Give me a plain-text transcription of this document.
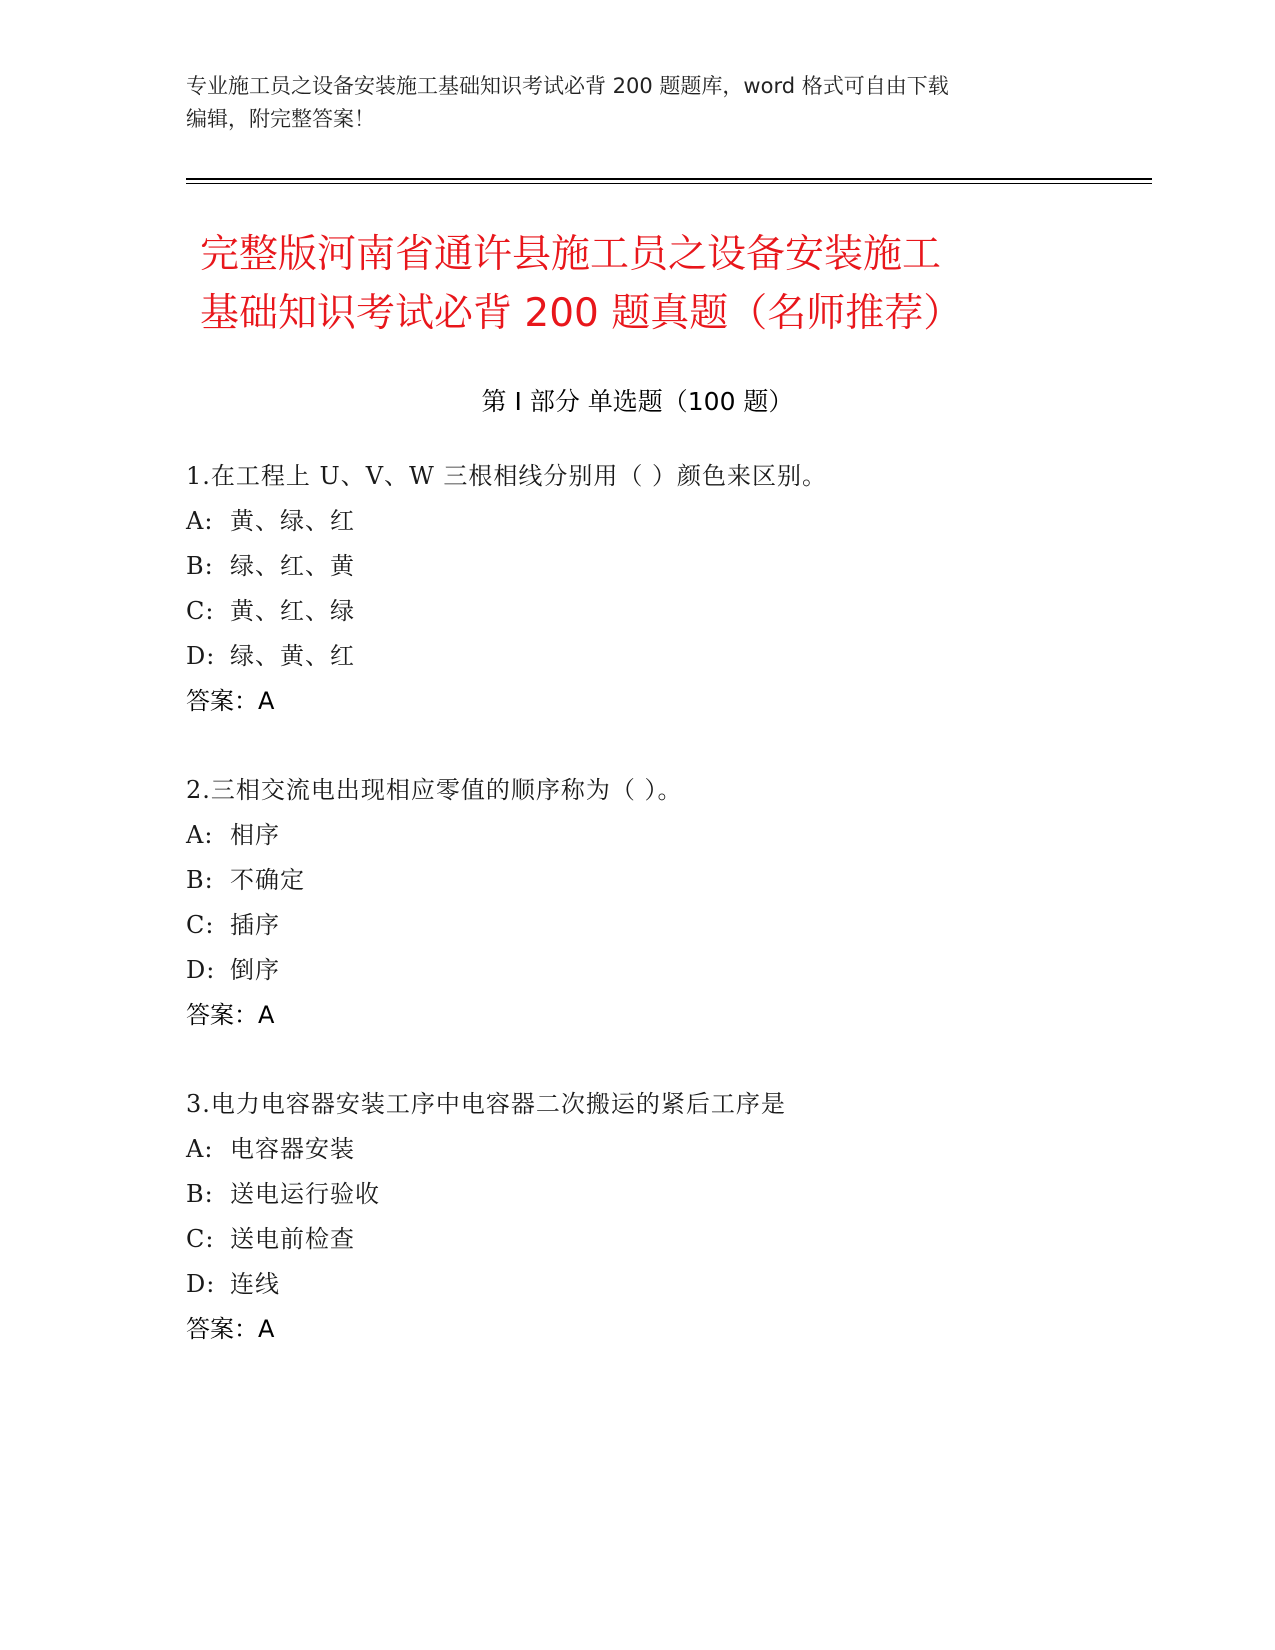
专业施工员之设备安装施工基础知识考试必背 200 题题库，word 格式可自由下载
编辑，附完整答案！
完整版河南省通许县施工员之设备安装施工
基础知识考试必背 200 题真题（名师推荐）
第 I 部分 单选题（100 题）
1.在工程上 U、V、W 三根相线分别用（ ）颜色来区别。
A: 黄、绿、红
B: 绿、红、黄
C: 黄、红、绿
D: 绿、黄、红
答案：A
2.三相交流电出现相应零值的顺序称为（ ）。
A: 相序
B: 不确定
C: 插序
D: 倒序
答案：A
3.电力电容器安装工序中电容器二次搬运的紧后工序是
A: 电容器安装
B: 送电运行验收
C: 送电前检查
D: 连线
答案：A
